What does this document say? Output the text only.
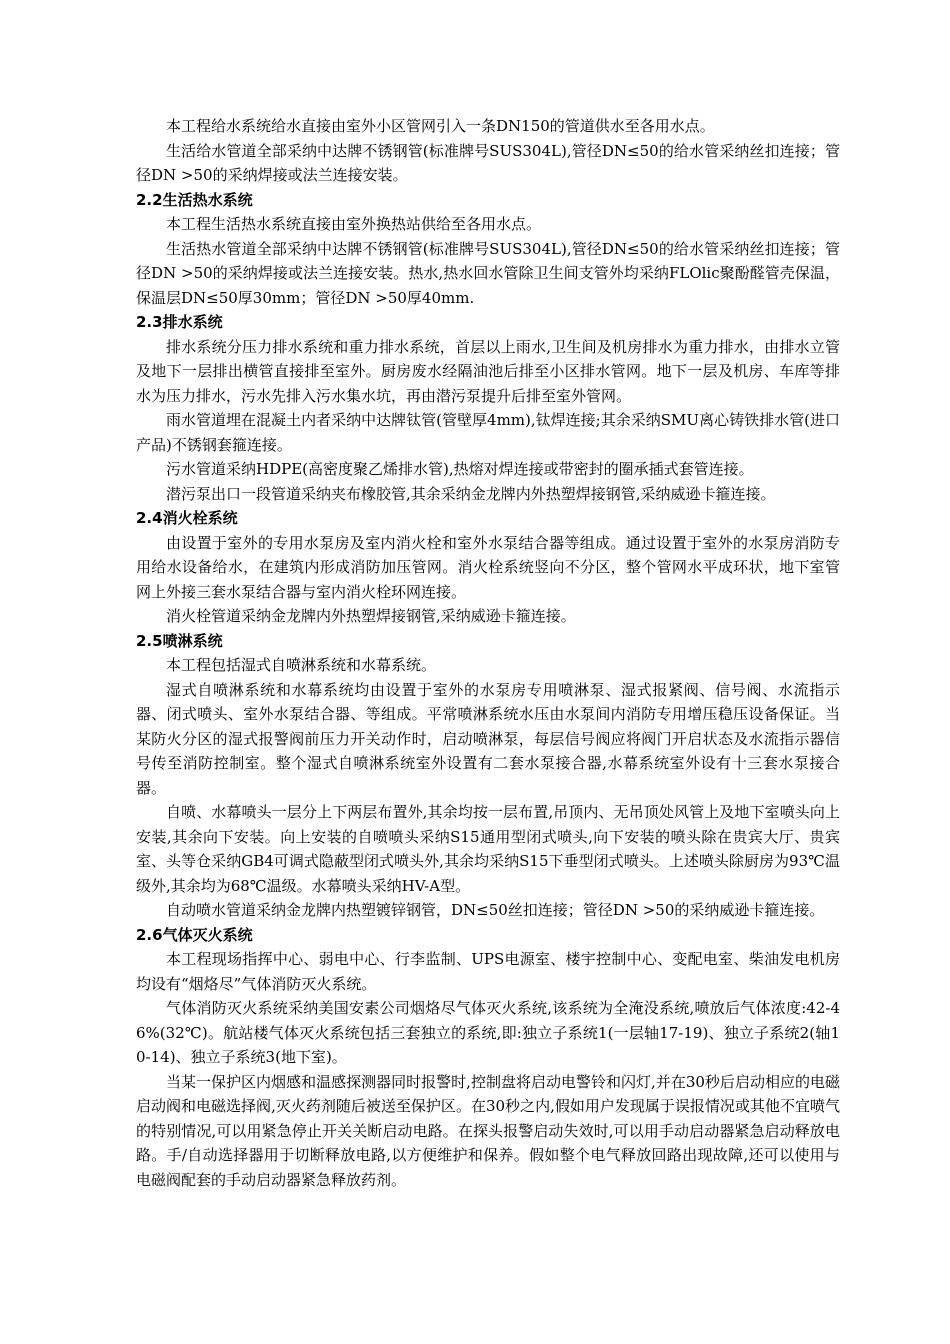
本工程给水系统给水直接由室外小区管网引入一条DN150的管道供水至各用水点。

生活给水管道全部采纳中达牌不锈钢管(标准牌号SUS304L),管径DN≤50的给水管采纳丝扣连接；管径DN >50的采纳焊接或法兰连接安装。

2.2生活热水系统

本工程生活热水系统直接由室外换热站供给至各用水点。

生活热水管道全部采纳中达牌不锈钢管(标准牌号SUS304L),管径DN≤50的给水管采纳丝扣连接；管径DN >50的采纳焊接或法兰连接安装。热水,热水回水管除卫生间支管外均采纳FLOlic聚酚醛管壳保温，保温层DN≤50厚30mm；管径DN >50厚40mm.

2.3排水系统

排水系统分压力排水系统和重力排水系统，首层以上雨水,卫生间及机房排水为重力排水，由排水立管及地下一层排出横管直接排至室外。厨房废水经隔油池后排至小区排水管网。地下一层及机房、车库等排水为压力排水，污水先排入污水集水坑，再由潜污泵提升后排至室外管网。

雨水管道埋在混凝土内者采纳中达牌钛管(管壁厚4mm),钛焊连接;其余采纳SMU离心铸铁排水管(进口产品)不锈钢套箍连接。

污水管道采纳HDPE(高密度聚乙烯排水管),热熔对焊连接或带密封的圈承插式套管连接。

潜污泵出口一段管道采纳夹布橡胶管,其余采纳金龙牌内外热塑焊接钢管,采纳威逊卡箍连接。

2.4消火栓系统

由设置于室外的专用水泵房及室内消火栓和室外水泵结合器等组成。通过设置于室外的水泵房消防专用给水设备给水，在建筑内形成消防加压管网。消火栓系统竖向不分区，整个管网水平成环状，地下室管网上外接三套水泵结合器与室内消火栓环网连接。

消火栓管道采纳金龙牌内外热塑焊接钢管,采纳威逊卡箍连接。

2.5喷淋系统

本工程包括湿式自喷淋系统和水幕系统。

湿式自喷淋系统和水幕系统均由设置于室外的水泵房专用喷淋泵、湿式报紧阀、信号阀、水流指示器、闭式喷头、室外水泵结合器、等组成。平常喷淋系统水压由水泵间内消防专用增压稳压设备保证。当某防火分区的湿式报警阀前压力开关动作时，启动喷淋泵，每层信号阀应将阀门开启状态及水流指示器信号传至消防控制室。整个湿式自喷淋系统室外设置有二套水泵接合器,水幕系统室外设有十三套水泵接合器。

自喷、水幕喷头一层分上下两层布置外,其余均按一层布置,吊顶内、无吊顶处风管上及地下室喷头向上安装,其余向下安装。向上安装的自喷喷头采纳S15通用型闭式喷头,向下安装的喷头除在贵宾大厅、贵宾室、头等仓采纳GB4可调式隐蔽型闭式喷头外,其余均采纳S15下垂型闭式喷头。上述喷头除厨房为93℃温级外,其余均为68℃温级。水幕喷头采纳HV-A型。

自动喷水管道采纳金龙牌内热塑镀锌钢管，DN≤50丝扣连接；管径DN >50的采纳威逊卡箍连接。

2.6气体灭火系统

本工程现场指挥中心、弱电中心、行李监制、UPS电源室、楼宇控制中心、变配电室、柴油发电机房均设有“烟烙尽”气体消防灭火系统。

气体消防灭火系统采纳美国安素公司烟烙尽气体灭火系统,该系统为全淹没系统,喷放后气体浓度:42-46%(32℃)。航站楼气体灭火系统包括三套独立的系统,即:独立子系统1(一层轴17-19)、独立子系统2(轴10-14)、独立子系统3(地下室)。

当某一保护区内烟感和温感探测器同时报警时,控制盘将启动电警铃和闪灯,并在30秒后启动相应的电磁启动阀和电磁选择阀,灭火药剂随后被送至保护区。在30秒之内,假如用户发现属于误报情况或其他不宜喷气的特别情况,可以用紧急停止开关关断启动电路。在探头报警启动失效时,可以用手动启动器紧急启动释放电路。手/自动选择器用于切断释放电路,以方便维护和保养。假如整个电气释放回路出现故障,还可以使用与电磁阀配套的手动启动器紧急释放药剂。
